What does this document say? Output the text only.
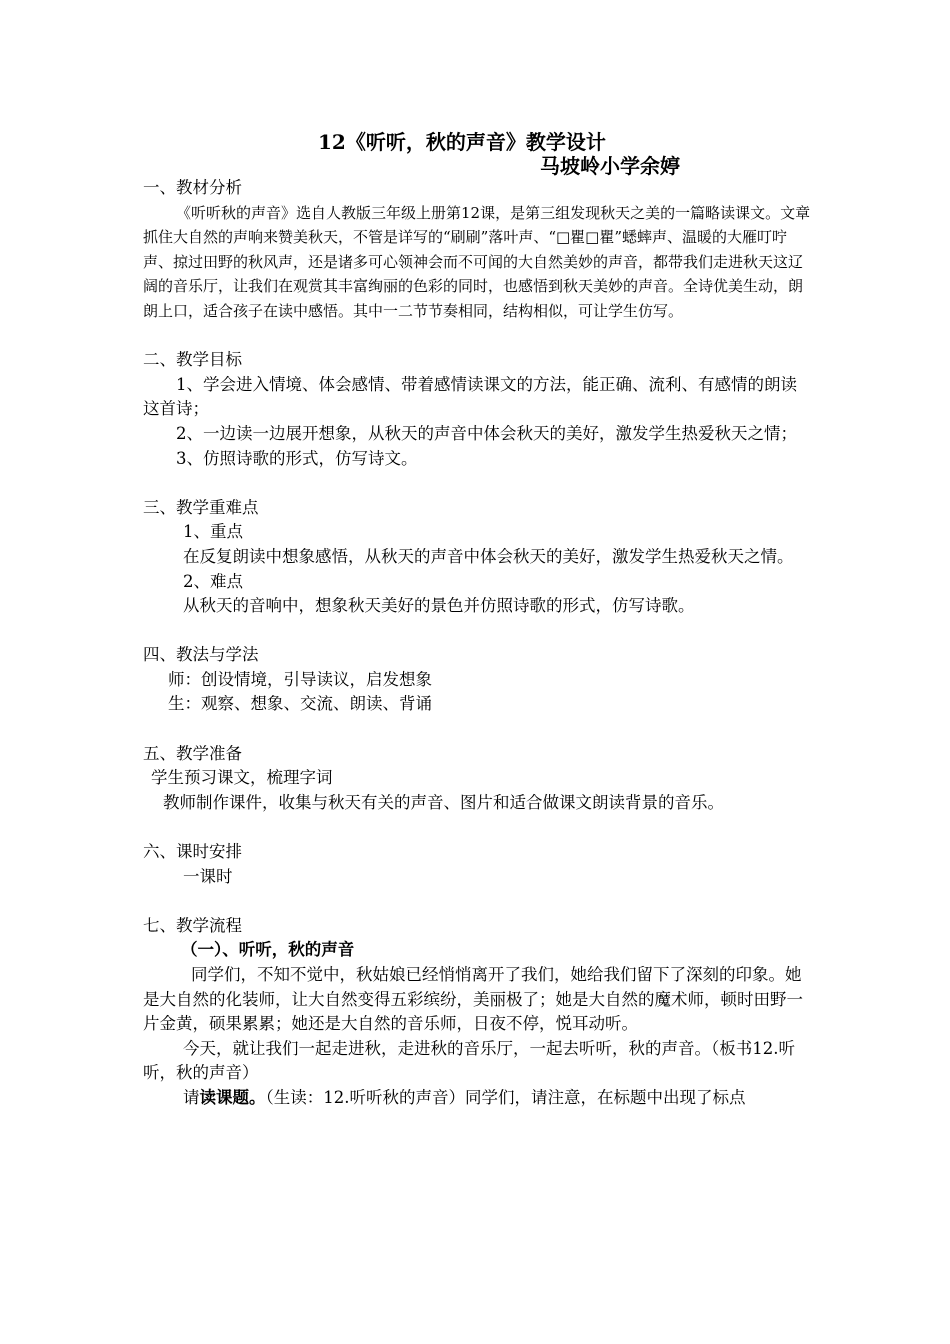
12《听听，秋的声音》教学设计
马坡岭小学余婷

一、教材分析

《听听秋的声音》选自人教版三年级上册第12课，是第三组发现秋天之美的一篇略读课文。文章抓住大自然的声响来赞美秋天，不管是详写的“刷刷”落叶声、“□瞿□瞿”蟋蟀声、温暖的大雁叮咛声、掠过田野的秋风声，还是诸多可心领神会而不可闻的大自然美妙的声音，都带我们走进秋天这辽阔的音乐厅，让我们在观赏其丰富绚丽的色彩的同时，也感悟到秋天美妙的声音。全诗优美生动，朗朗上口，适合孩子在读中感悟。其中一二节节奏相同，结构相似，可让学生仿写。

二、教学目标

1、学会进入情境、体会感情、带着感情读课文的方法，能正确、流利、有感情的朗读这首诗；

2、一边读一边展开想象，从秋天的声音中体会秋天的美好，激发学生热爱秋天之情；

3、仿照诗歌的形式，仿写诗文。

三、教学重难点

1、重点

在反复朗读中想象感悟，从秋天的声音中体会秋天的美好，激发学生热爱秋天之情。

2、难点

从秋天的音响中，想象秋天美好的景色并仿照诗歌的形式，仿写诗歌。

四、教法与学法

师：创设情境，引导读议，启发想象

生：观察、想象、交流、朗读、背诵

五、教学准备

学生预习课文，梳理字词

教师制作课件，收集与秋天有关的声音、图片和适合做课文朗读背景的音乐。

六、课时安排

一课时

七、教学流程

（一）、听听，秋的声音

同学们，不知不觉中，秋姑娘已经悄悄离开了我们，她给我们留下了深刻的印象。她是大自然的化装师，让大自然变得五彩缤纷，美丽极了；她是大自然的魔术师，顿时田野一片金黄，硕果累累；她还是大自然的音乐师，日夜不停，悦耳动听。

今天，就让我们一起走进秋，走进秋的音乐厅，一起去听听，秋的声音。（板书12.听听，秋的声音）

请读课题。（生读：12.听听秋的声音）同学们，请注意，在标题中出现了标点
